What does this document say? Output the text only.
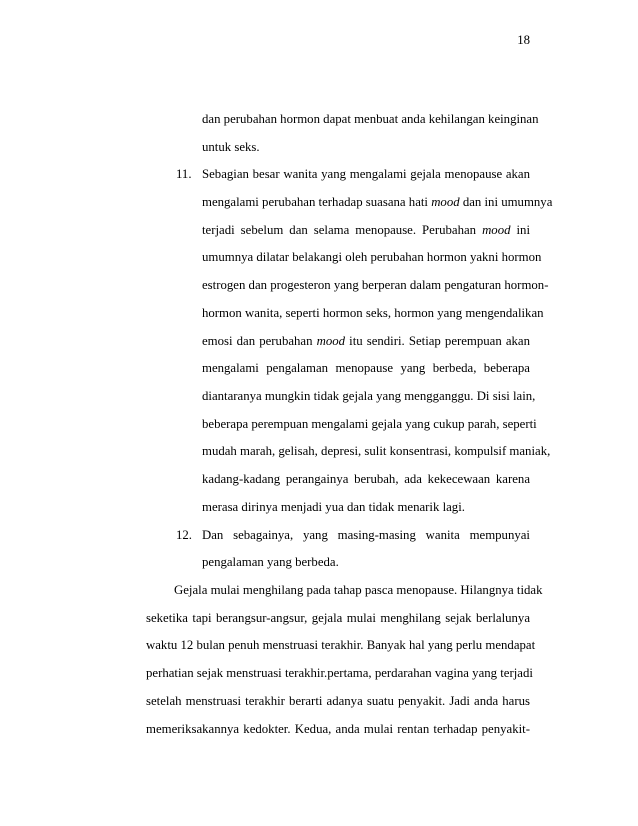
18
dan perubahan hormon dapat menbuat anda kehilangan keinginan
untuk seks.
11. Sebagian besar wanita yang mengalami gejala menopause akan
mengalami perubahan terhadap suasana hati mood dan ini umumnya
terjadi sebelum dan selama menopause. Perubahan mood ini
umumnya dilatar belakangi oleh perubahan hormon yakni hormon
estrogen dan progesteron yang berperan dalam pengaturan hormon-
hormon wanita, seperti hormon seks, hormon yang mengendalikan
emosi dan perubahan mood itu sendiri. Setiap perempuan akan
mengalami pengalaman menopause yang berbeda, beberapa
diantaranya mungkin tidak gejala yang mengganggu. Di sisi lain,
beberapa perempuan mengalami gejala yang cukup parah, seperti
mudah marah, gelisah, depresi, sulit konsentrasi, kompulsif maniak,
kadang-kadang perangainya berubah, ada kekecewaan karena
merasa dirinya menjadi yua dan tidak menarik lagi.
12. Dan sebagainya, yang masing-masing wanita mempunyai
pengalaman yang berbeda.
Gejala mulai menghilang pada tahap pasca menopause. Hilangnya tidak
seketika tapi berangsur-angsur, gejala mulai menghilang sejak berlalunya
waktu 12 bulan penuh menstruasi terakhir. Banyak hal yang perlu mendapat
perhatian sejak menstruasi terakhir.pertama, perdarahan vagina yang terjadi
setelah menstruasi terakhir berarti adanya suatu penyakit. Jadi anda harus
memeriksakannya kedokter. Kedua, anda mulai rentan terhadap penyakit-
